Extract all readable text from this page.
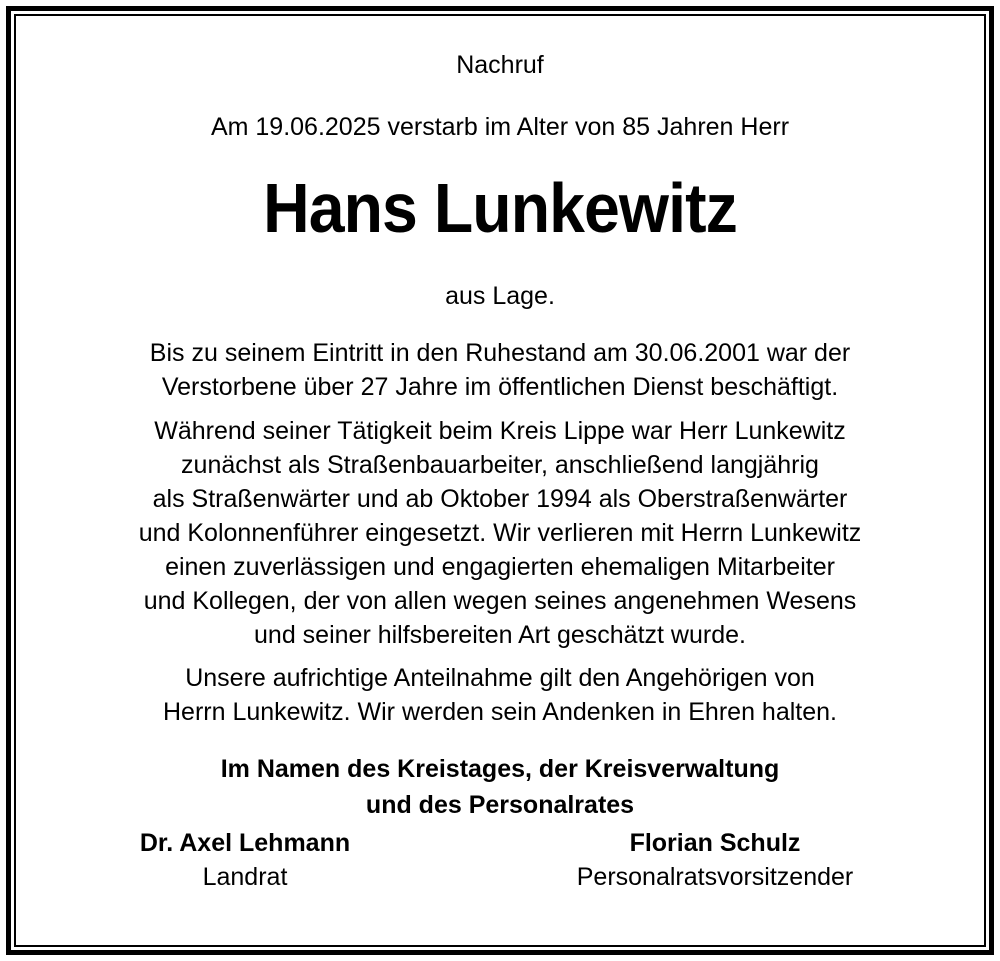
Nachruf
Am 19.06.2025 verstarb im Alter von 85 Jahren Herr
Hans Lunkewitz
aus Lage.
Bis zu seinem Eintritt in den Ruhestand am 30.06.2001 war der
Verstorbene über 27 Jahre im öffentlichen Dienst beschäftigt.
Während seiner Tätigkeit beim Kreis Lippe war Herr Lunkewitz
zunächst als Straßenbauarbeiter, anschließend langjährig
als Straßenwärter und ab Oktober 1994 als Oberstraßenwärter
und Kolonnenführer eingesetzt. Wir verlieren mit Herrn Lunkewitz
einen zuverlässigen und engagierten ehemaligen Mitarbeiter
und Kollegen, der von allen wegen seines angenehmen Wesens
und seiner hilfsbereiten Art geschätzt wurde.
Unsere aufrichtige Anteilnahme gilt den Angehörigen von
Herrn Lunkewitz. Wir werden sein Andenken in Ehren halten.
Im Namen des Kreistages, der Kreisverwaltung
und des Personalrates
Dr. Axel Lehmann
Landrat
Florian Schulz
Personalratsvorsitzender
